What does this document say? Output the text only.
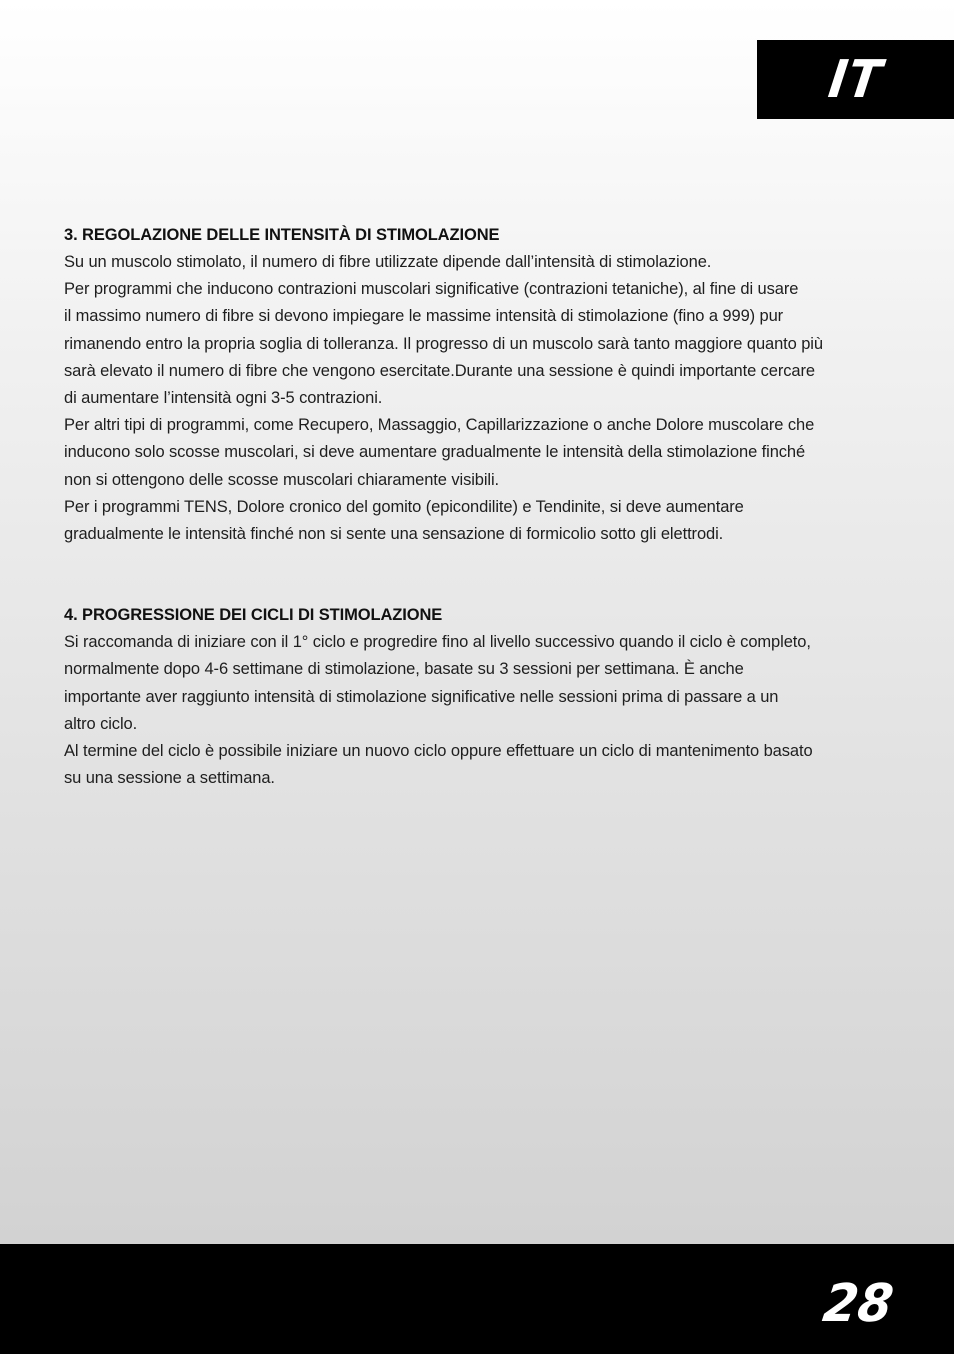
IT
3. REGOLAZIONE DELLE INTENSITÀ DI STIMOLAZIONE

Su un muscolo stimolato, il numero di fibre utilizzate dipende dall’intensità di stimolazione.

Per programmi che inducono contrazioni muscolari significative (contrazioni tetaniche), al fine di usare

il massimo numero di fibre si devono impiegare le massime intensità di stimolazione (fino a 999) pur

rimanendo entro la propria soglia di tolleranza. Il progresso di un muscolo sarà tanto maggiore quanto più

sarà elevato il numero di fibre che vengono esercitate.Durante una sessione è quindi importante cercare

di aumentare l’intensità ogni 3-5 contrazioni.

Per altri tipi di programmi, come Recupero, Massaggio, Capillarizzazione o anche Dolore muscolare che

inducono solo scosse muscolari, si deve aumentare gradualmente le intensità della stimolazione finché

non si ottengono delle scosse muscolari chiaramente visibili.

Per i programmi TENS, Dolore cronico del gomito (epicondilite) e Tendinite, si deve aumentare

gradualmente le intensità finché non si sente una sensazione di formicolio sotto gli elettrodi.

4. PROGRESSIONE DEI CICLI DI STIMOLAZIONE

Si raccomanda di iniziare con il 1° ciclo e progredire fino al livello successivo quando il ciclo è completo,

normalmente dopo 4-6 settimane di stimolazione, basate su 3 sessioni per settimana. È anche

importante aver raggiunto intensità di stimolazione significative nelle sessioni prima di passare a un

altro ciclo.

Al termine del ciclo è possibile iniziare un nuovo ciclo oppure effettuare un ciclo di mantenimento basato

su una sessione a settimana.

28
